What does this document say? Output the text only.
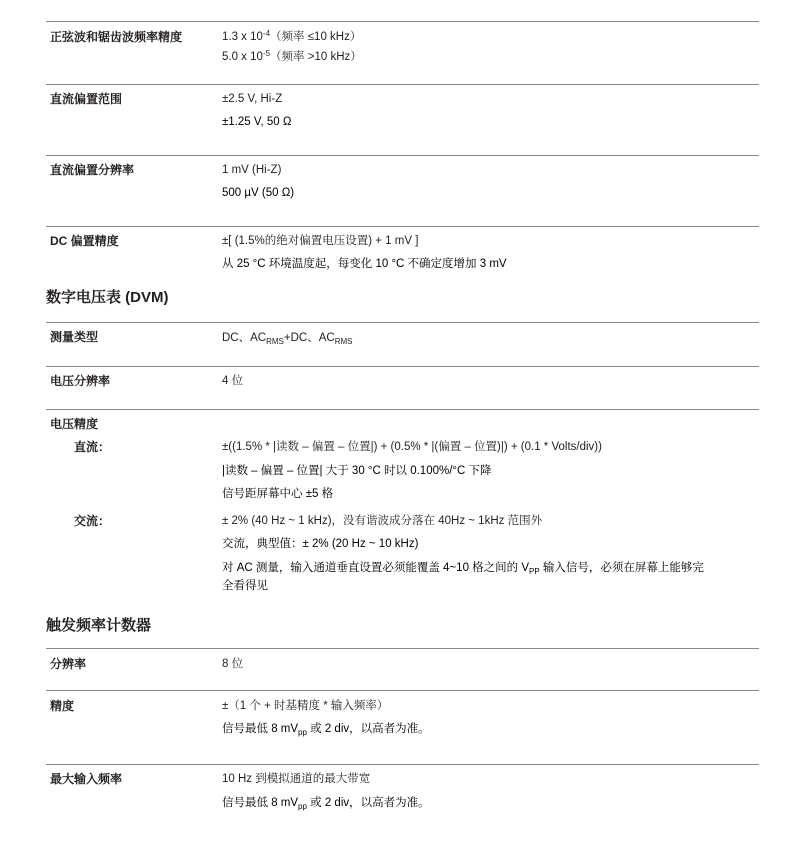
正弦波和锯齿波频率精度	1.3 x $10^{-4}$（频率 ≤10 kHz）
5.0 x $10^{-5}$（频率 >10 kHz）
直流偏置范围	±2.5 V, Hi-Z
±1.25 V, 50 Ω
直流偏置分辨率	1 mV (Hi-Z)
500 µV (50 Ω)
DC 偏置精度	±[ (1.5%的绝对偏置电压设置) + 1 mV ]
从 25 °C 环境温度起，每变化 10 °C 不确定度增加 3 mV
数字电压表 (DVM)
测量类型	DC、$AC_{RMS}+DC$、$AC_{RMS}$
电压分辨率	4 位
电压精度
直流：	±((1.5% * |读数 – 偏置 – 位置|) + (0.5% * |(偏置 – 位置)|) + (0.1 * Volts/div))
|读数 – 偏置 – 位置| 大于 30 °C 时以 0.100%/°C 下降
信号距屏幕中心 ±5 格
交流：	± 2% (40 Hz ~ 1 kHz)，没有谐波成分落在 40Hz ~ 1kHz 范围外
交流，典型值：± 2% (20 Hz ~ 10 kHz)
对 AC 测量，输入通道垂直设置必须能覆盖 4~10 格之间的 $V_{PP}$ 输入信号，必须在屏幕上能够完
全看得见
触发频率计数器
分辨率	8 位
精度	±（1 个 + 时基精度 * 输入频率）
信号最低 8 $mV_{pp}$ 或 2 div，以高者为准。
最大输入频率	10 Hz 到模拟通道的最大带宽
信号最低 8 $mV_{pp}$ 或 2 div，以高者为准。
